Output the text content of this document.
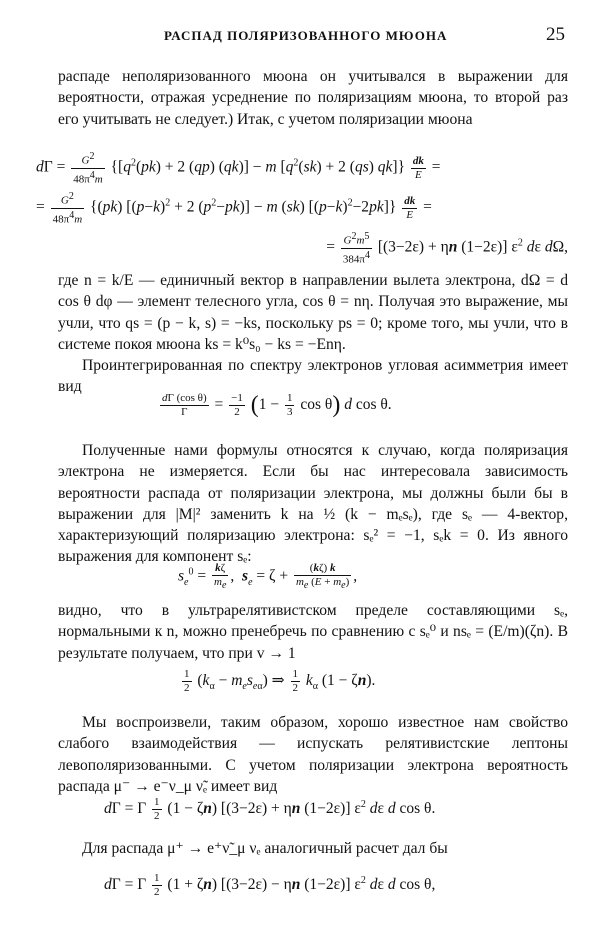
РАСПАД ПОЛЯРИЗОВАННОГО МЮОНА	25

распаде неполяризованного мюона он учитывался в выражении для вероятности, отражая усреднение по поляризациям мюона, то второй раз его учитывать не следует.) Итак, с учетом поляризации мюона

$d\Gamma = \frac{G^2}{48\pi^4m} \{[q^2(pk) + 2$ (qp) (qk)] − m [$q^2(sk) + 2$ (qs) $qk]\} \frac{dk}{E}$ =
= $\frac{G^2}{48\pi^4m} \{(pk) [(p-k)^2 + 2$ $(p^2-pk)] - m$ (sk) $[(p-k)^2-2pk]\} \frac{dk}{E}$ =
= $\frac{G^2m^5}{384\pi^4} [(3-2\varepsilon) + \eta n$ (1−2ε)] $\varepsilon^2$ dε dΩ,

где n = k/E — единичный вектор в направлении вылета электрона, dΩ = d cos θ dφ — элемент телесного угла, cos θ = nη. Получая это выражение, мы учли, что qs = (p − k, s) = −ks, поскольку ps = 0; кроме того, мы учли, что в системе покоя мюона ks = k⁰s₀ − ks = −Enη.

Проинтегрированная по спектру электронов угловая асимметрия имеет вид

$\frac{\text{dΓ (cos θ)}}{\Gamma} = \frac{-1}{2} (1 - \frac{1}{3}$ cos θ) d cos θ.

Полученные нами формулы относятся к случаю, когда поляризация электрона не измеряется. Если бы нас интересовала зависимость вероятности распада от поляризации электрона, мы должны были бы в выражении для |M|² заменить k на ½ (k − mₑsₑ), где sₑ — 4-вектор, характеризующий поляризацию электрона: sₑ² = −1, sₑk = 0. Из явного выражения для компонент sₑ:

$s_e^0 = \frac{k\zeta}{m_e}$ ,  $s_e = \zeta + \frac{(k\zeta) k}{m_e (E + m_e)}$ ,

видно, что в ультрарелятивистском пределе составляющими sₑ, нормальными к n, можно пренебречь по сравнению с sₑ⁰ и nsₑ = (E/m)(ζn). В результате получаем, что при v → 1

$\frac{1}{2} (k_\alpha - m_es_{e\alpha})$ ⇒ $\frac{1}{2} k_\alpha$ (1 − ζn).

Мы воспроизвели, таким образом, хорошо известное нам свойство слабого взаимодействия — испускать релятивистские лептоны левополяризованными. С учетом поляризации электрона вероятность распада μ⁻ → e⁻ν_μ ν̃ₑ имеет вид

dΓ = Γ $\frac{1}{2} (1 - \zeta n) [(3-2\varepsilon) + \eta n$ (1−2ε)] $\varepsilon^2$ dε d cos θ.

Для распада μ⁺ → e⁺ν̃_μ νₑ аналогичный расчет дал бы

dΓ = Γ $\frac{1}{2} (1 + \zeta n) [(3-2\varepsilon) - \eta n$ (1−2ε)] $\varepsilon^2$ dε d cos θ,
